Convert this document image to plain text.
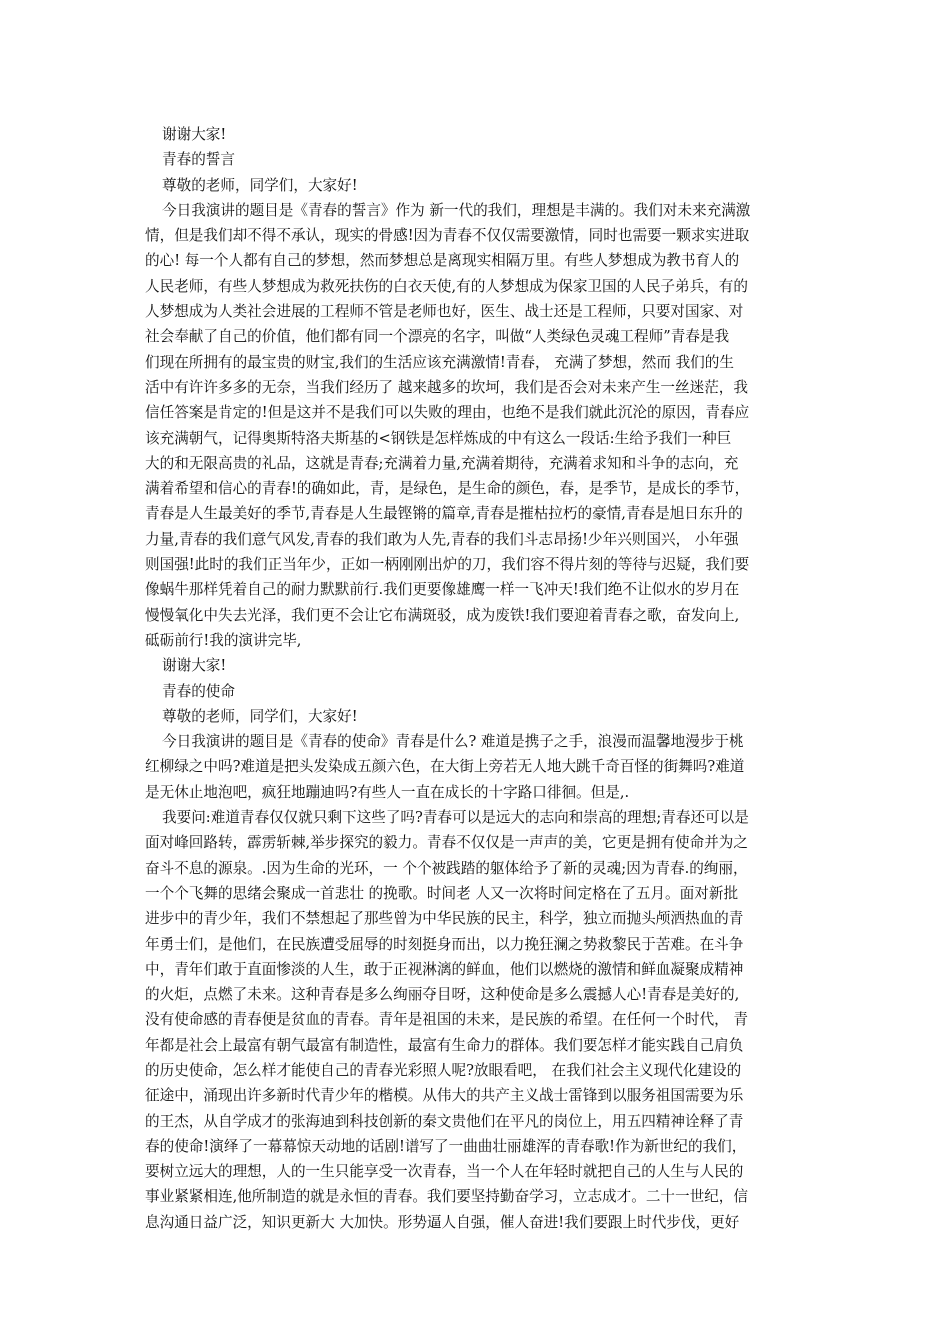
谢谢大家!
青春的誓言
尊敬的老师，同学们，大家好!
今日我演讲的题目是《青春的誓言》作为 新一代的我们，理想是丰满的。我们对未来充满激
情，但是我们却不得不承认，现实的骨感!因为青春不仅仅需要激情，同时也需要一颗求实进取
的心! 每一个人都有自己的梦想，然而梦想总是离现实相隔万里。有些人梦想成为教书育人的
人民老师，有些人梦想成为救死扶伤的白衣天使,有的人梦想成为保家卫国的人民子弟兵，有的
人梦想成为人类社会进展的工程师不管是老师也好，医生、战士还是工程师，只要对国家、对
社会奉献了自己的价值，他们都有同一个漂亮的名字，叫做“人类绿色灵魂工程师”青春是我
们现在所拥有的最宝贵的财宝,我们的生活应该充满激情!青春， 充满了梦想，然而 我们的生
活中有许许多多的无奈，当我们经历了 越来越多的坎坷，我们是否会对未来产生一丝迷茫，我
信任答案是肯定的!但是这并不是我们可以失败的理由，也绝不是我们就此沉沦的原因，青春应
该充满朝气，记得奥斯特洛夫斯基的<钢铁是怎样炼成的中有这么一段话:生给予我们一种巨
大的和无限高贵的礼品，这就是青春;充满着力量,充满着期待，充满着求知和斗争的志向，充
满着希望和信心的青春!的确如此，青，是绿色，是生命的颜色，春，是季节，是成长的季节，
青春是人生最美好的季节,青春是人生最铿锵的篇章,青春是摧枯拉朽的豪情,青春是旭日东升的
力量,青春的我们意气风发,青春的我们敢为人先,青春的我们斗志昂扬!少年兴则国兴， 小年强
则国强!此时的我们正当年少，正如一柄刚刚出炉的刀，我们容不得片刻的等待与迟疑，我们要
像蜗牛那样凭着自己的耐力默默前行.我们更要像雄鹰一样一飞冲天!我们绝不让似水的岁月在
慢慢氧化中失去光泽，我们更不会让它布满斑驳，成为废铁!我们要迎着青春之歌，奋发向上,
砥砺前行!我的演讲完毕,
谢谢大家!
青春的使命
尊敬的老师，同学们，大家好!
今日我演讲的题目是《青春的使命》青春是什么? 难道是携子之手，浪漫而温馨地漫步于桃
红柳绿之中吗?难道是把头发染成五颜六色，在大街上旁若无人地大跳千奇百怪的街舞吗?难道
是无休止地泡吧，疯狂地蹦迪吗?有些人一直在成长的十字路口徘徊。但是,.
我要问:难道青春仅仅就只剩下这些了吗?青春可以是远大的志向和崇高的理想;青春还可以是
面对峰回路转，霹雳斩棘,举步探究的毅力。青春不仅仅是一声声的美，它更是拥有使命并为之
奋斗不息的源泉。.因为生命的光环，一 个个被践踏的躯体给予了新的灵魂;因为青春.的绚丽，
一个个飞舞的思绪会聚成一首悲壮 的挽歌。时间老 人又一次将时间定格在了五月。面对新批
进步中的青少年，我们不禁想起了那些曾为中华民族的民主，科学，独立而抛头颅洒热血的青
年勇士们，是他们，在民族遭受屈辱的时刻挺身而出，以力挽狂澜之势救黎民于苦难。在斗争
中，青年们敢于直面惨淡的人生，敢于正视淋漓的鲜血，他们以燃烧的激情和鲜血凝聚成精神
的火炬，点燃了未来。这种青春是多么绚丽夺目呀，这种使命是多么震撼人心!青春是美好的,
没有使命感的青春便是贫血的青春。青年是祖国的未来，是民族的希望。在任何一个时代， 青
年都是社会上最富有朝气最富有制造性，最富有生命力的群体。我们要怎样才能实践自己肩负
的历史使命，怎么样才能使自己的青春光彩照人呢?放眼看吧， 在我们社会主义现代化建设的
征途中，涌现出许多新时代青少年的楷模。从伟大的共产主义战士雷锋到以服务祖国需要为乐
的王杰，从自学成才的张海迪到科技创新的秦文贵他们在平凡的岗位上，用五四精神诠释了青
春的使命!演绎了一幕幕惊天动地的话剧!谱写了一曲曲壮丽雄浑的青春歌!作为新世纪的我们，
要树立远大的理想，人的一生只能享受一次青春，当一个人在年轻时就把自己的人生与人民的
事业紧紧相连,他所制造的就是永恒的青春。我们要坚持勤奋学习，立志成才。二十一世纪，信
息沟通日益广泛，知识更新大 大加快。形势逼人自强，催人奋进!我们要跟上时代步伐，更好
